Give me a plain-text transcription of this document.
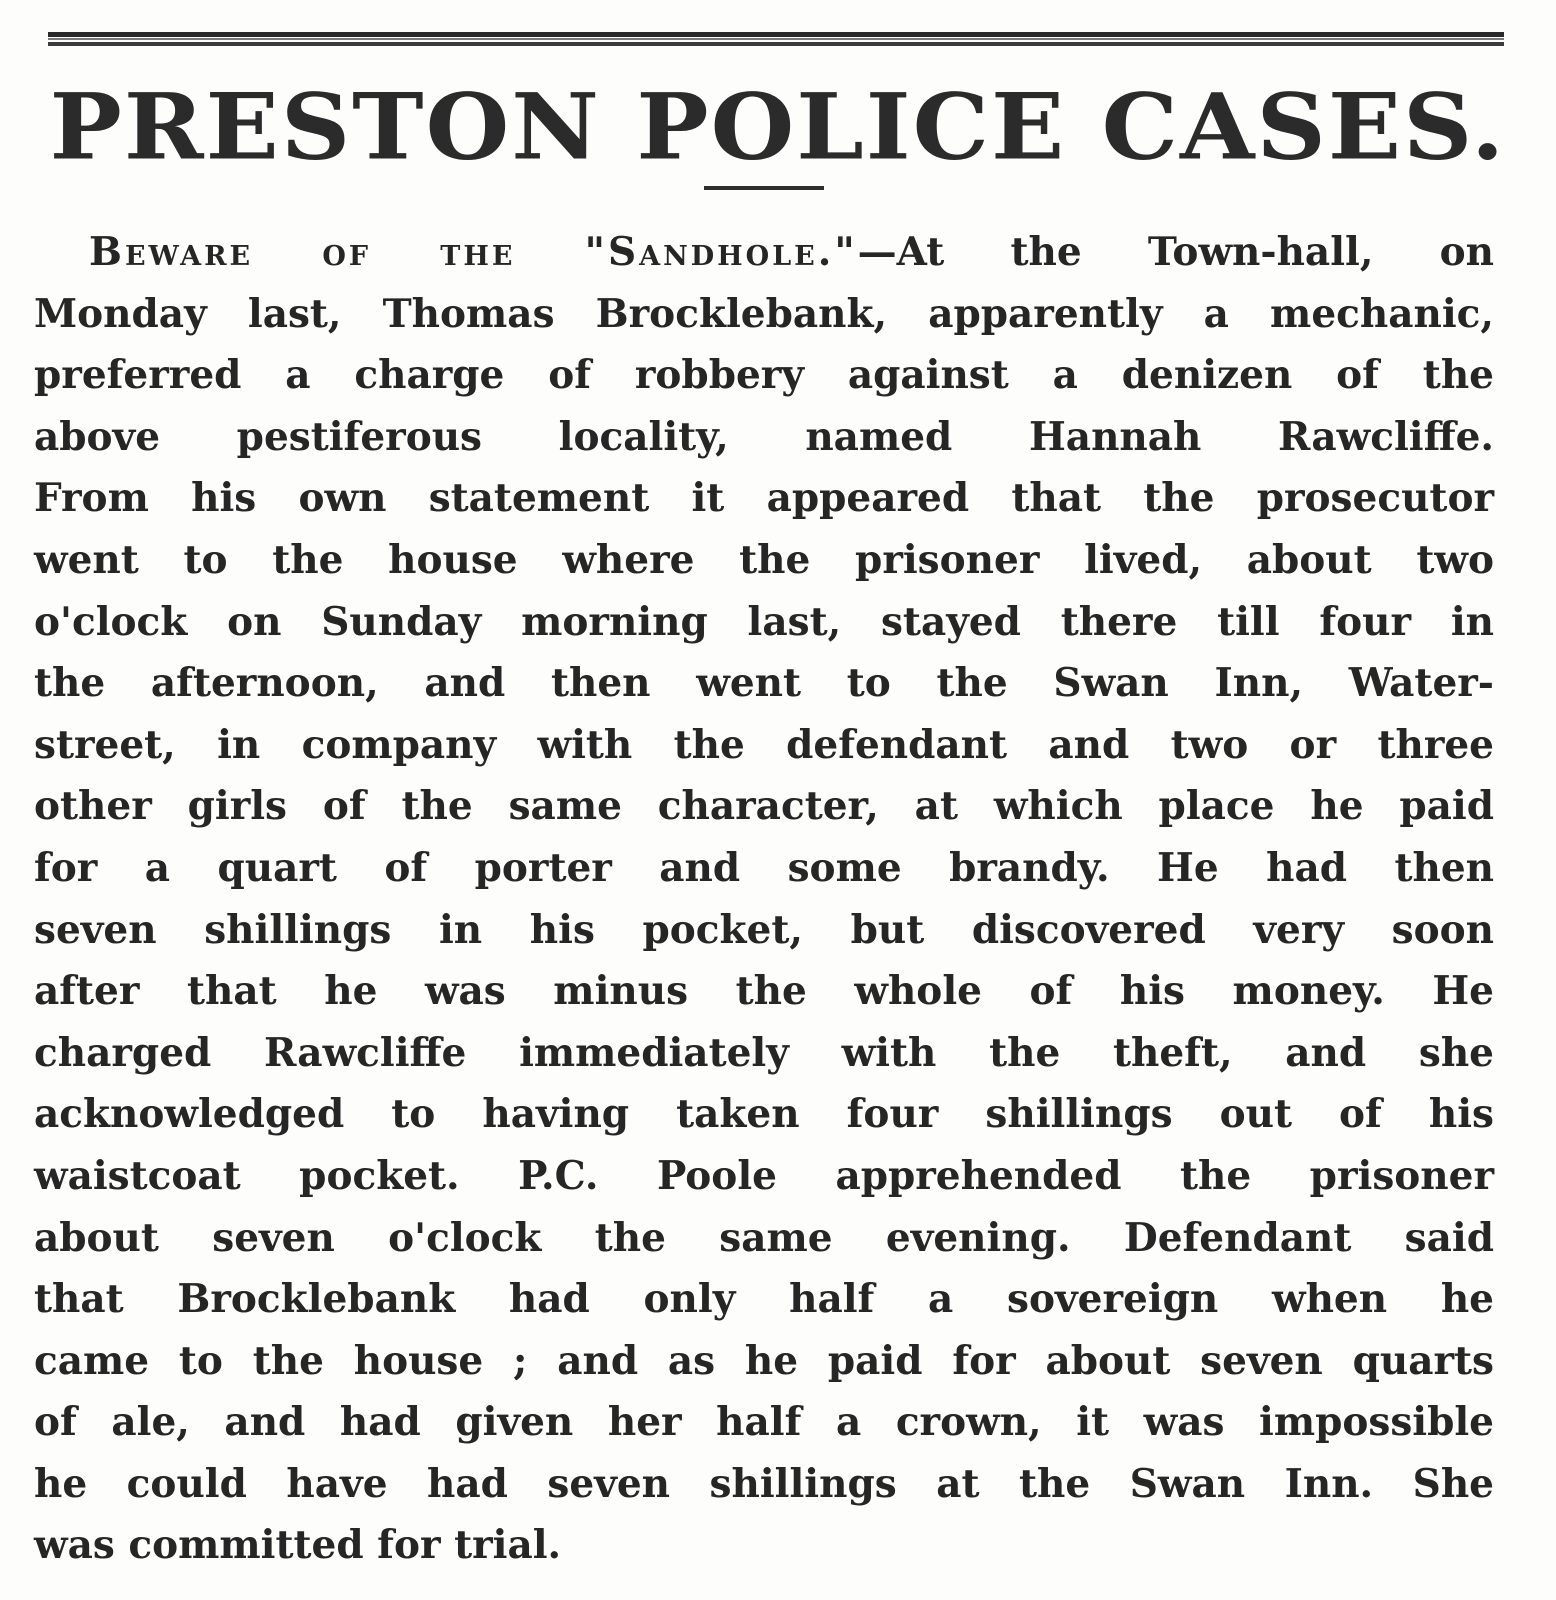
PRESTON POLICE CASES.
Beware of the "Sandhole."—At the Town-hall, on
Monday last, Thomas Brocklebank, apparently a mechanic,
preferred a charge of robbery against a denizen of the
above pestiferous locality, named Hannah Rawcliffe.
From his own statement it appeared that the prosecutor
went to the house where the prisoner lived, about two
o'clock on Sunday morning last, stayed there till four in
the afternoon, and then went to the Swan Inn, Water-
street, in company with the defendant and two or three
other girls of the same character, at which place he paid
for a quart of porter and some brandy. He had then
seven shillings in his pocket, but discovered very soon
after that he was minus the whole of his money. He
charged Rawcliffe immediately with the theft, and she
acknowledged to having taken four shillings out of his
waistcoat pocket. P.C. Poole apprehended the prisoner
about seven o'clock the same evening. Defendant said
that Brocklebank had only half a sovereign when he
came to the house ; and as he paid for about seven quarts
of ale, and had given her half a crown, it was impossible
he could have had seven shillings at the Swan Inn. She
was committed for trial.
